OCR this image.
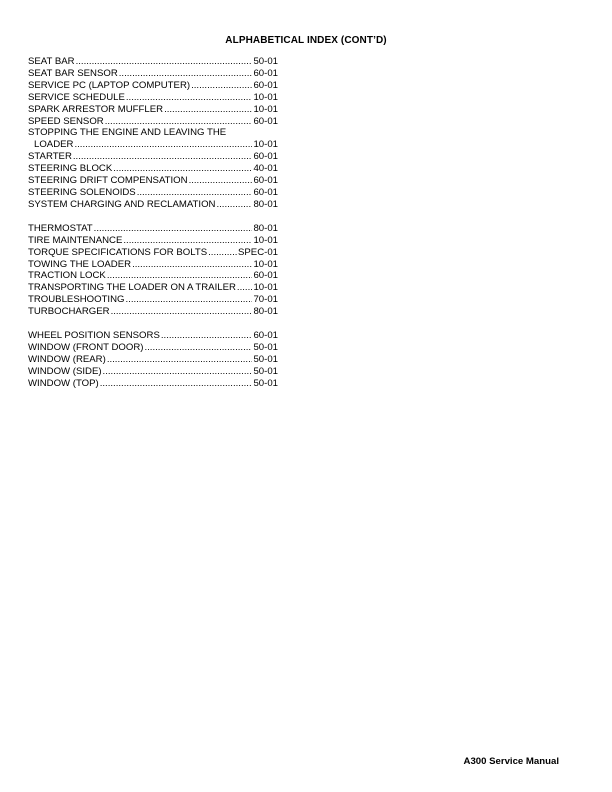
ALPHABETICAL INDEX (CONT’D)
SEAT BAR .....	50-01
SEAT BAR SENSOR .....	60-01
SERVICE PC (LAPTOP COMPUTER) .....	60-01
SERVICE SCHEDULE .....	10-01
SPARK ARRESTOR MUFFLER .....	10-01
SPEED SENSOR .....	60-01
STOPPING THE ENGINE AND LEAVING THE
LOADER .....	10-01
STARTER .....	60-01
STEERING BLOCK .....	40-01
STEERING DRIFT COMPENSATION .....	60-01
STEERING SOLENOIDS .....	60-01
SYSTEM CHARGING AND RECLAMATION .....	80-01
THERMOSTAT .....	80-01
TIRE MAINTENANCE .....	10-01
TORQUE SPECIFICATIONS FOR BOLTS .....	SPEC-01
TOWING THE LOADER .....	10-01
TRACTION LOCK .....	60-01
TRANSPORTING THE LOADER ON A TRAILER ..... 10-01
TROUBLESHOOTING .....	70-01
TURBOCHARGER .....	80-01
WHEEL POSITION SENSORS .....	60-01
WINDOW (FRONT DOOR) .....	50-01
WINDOW (REAR) .....	50-01
WINDOW (SIDE) .....	50-01
WINDOW (TOP) .....	50-01
A300 Service Manual
